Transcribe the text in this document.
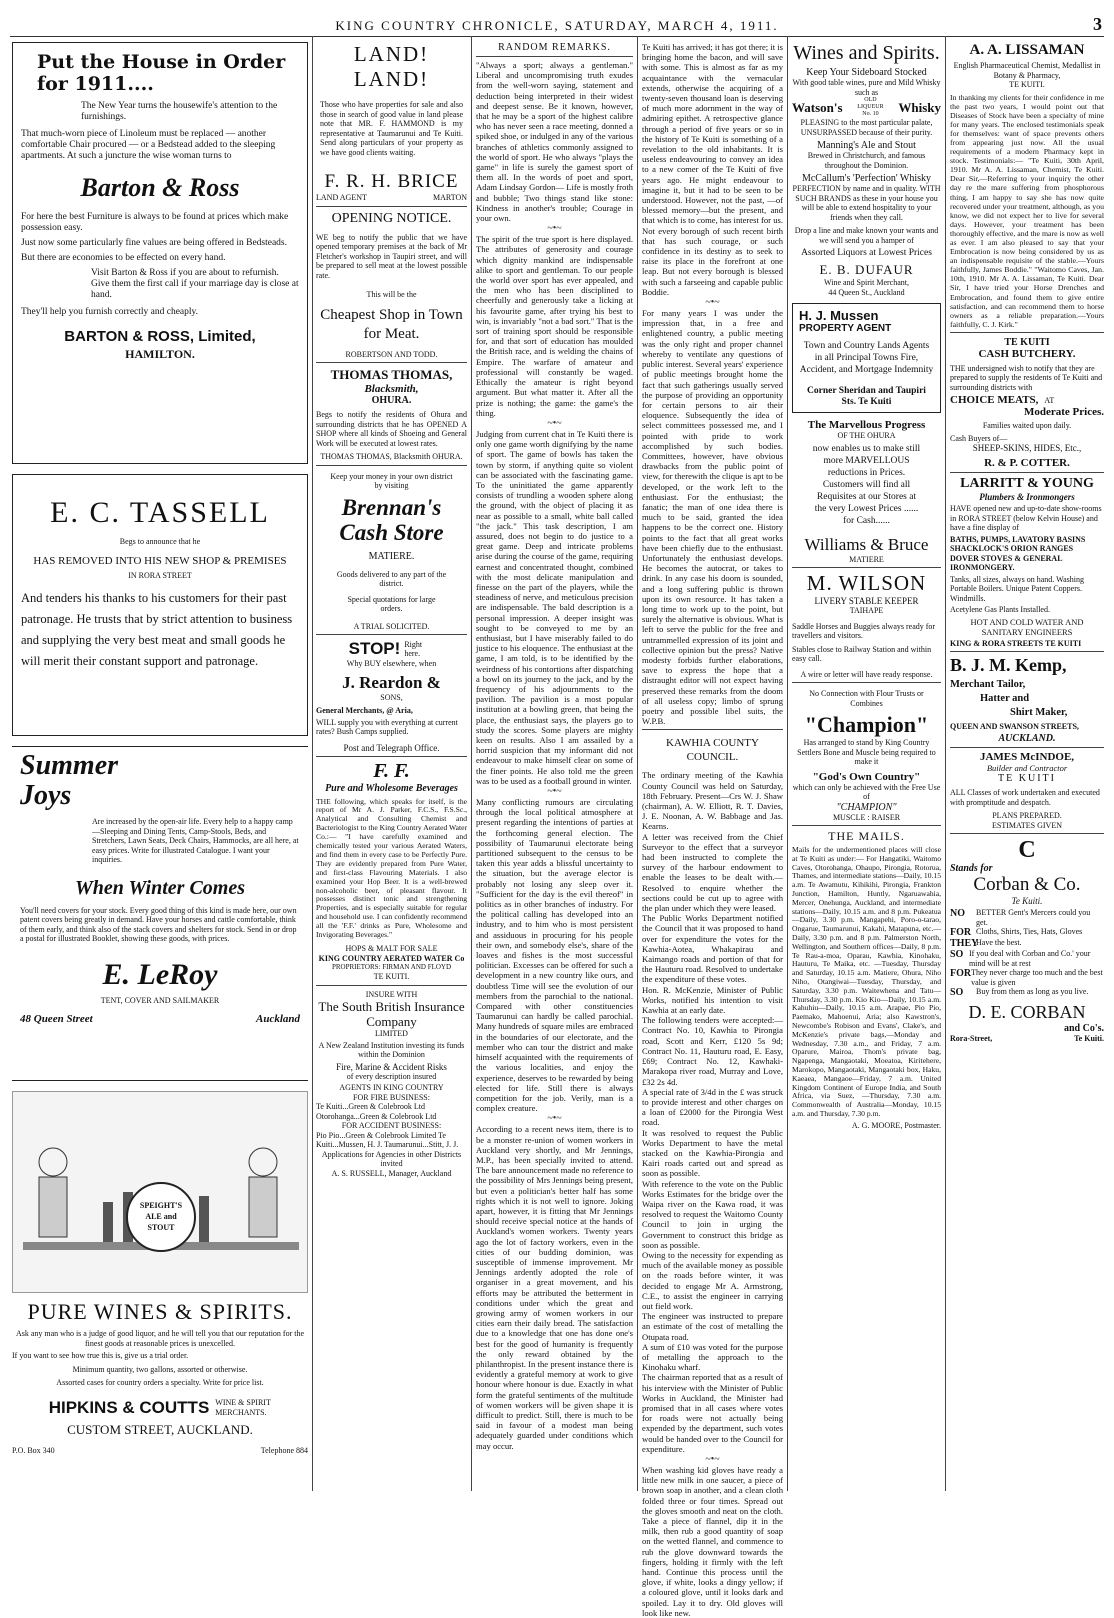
KING COUNTRY CHRONICLE, SATURDAY, MARCH 4, 1911.	3
Put the House in Order for 1911....
The New Year turns the housewife's attention to the furnishings.
That much-worn piece of Linoleum must be replaced — another comfortable Chair procured — or a Bedstead added to the sleeping apartments. At such a juncture the wise woman turns to
Barton & Ross
For here the best Furniture is always to be found at prices which make possession easy.
Just now some particularly fine values are being offered in Bedsteads.
But there are economies to be effected on every hand.
Visit Barton & Ross if you are about to refurnish. Give them the first call if your marriage day is close at hand.
They'll help you furnish correctly and cheaply.
BARTON & ROSS, Limited,
HAMILTON.
E. C. TASSELL
Begs to announce that he
HAS REMOVED INTO HIS NEW SHOP & PREMISES
IN RORA STREET
And tenders his thanks to his customers for their past patronage. He trusts that by strict attention to business and supplying the very best meat and small goods he will merit their constant support and patronage.
Summer Joys
Are increased by the open-air life. Every help to a happy camp—Sleeping and Dining Tents, Camp-Stools, Beds, and Stretchers, Lawn Seats, Deck Chairs, Hammocks, are all here, at easy prices. Write for illustrated Catalogue. I want your inquiries.
When Winter Comes
You'll need covers for your stock. Every good thing of this kind is made here, our own patent covers being greatly in demand. Have your horses and cattle comfortable, think of them early, and think also of the stack covers and shelters for stock. Send in or drop a postal for illustrated Booklet, showing these goods, with prices.
E. LeRoy
TENT, COVER AND SAILMAKER
48 Queen Street	Auckland
SPEIGHT'S
ALE and
STOUT
PURE WINES & SPIRITS.
Ask any man who is a judge of good liquor, and he will tell you that our reputation for the finest goods at reasonable prices is unexcelled.
If you want to see how true this is, give us a trial order.
Minimum quantity, two gallons, assorted or otherwise.
Assorted cases for country orders a specialty. Write for price list.
HIPKINS & COUTTS WINE & SPIRIT MERCHANTS.
CUSTOM STREET, AUCKLAND.
P.O. Box 340	Telephone 884
LAND! LAND!
Those who have properties for sale and also those in search of good value in land please note that MR. F. HAMMOND is my representative at Taumarunui and Te Kuiti. Send along particulars of your property as we have good clients waiting.
F. R. H. BRICE
LAND AGENT	MARTON
OPENING NOTICE.
WE beg to notify the public that we have opened temporary premises at the back of Mr Fletcher's workshop in Taupiri street, and will be prepared to sell meat at the lowest possible rate.
This will be the
Cheapest Shop in Town for Meat.
ROBERTSON AND TODD.
THOMAS THOMAS,
Blacksmith,
OHURA.
Begs to notify the residents of Ohura and surrounding districts that he has OPENED A SHOP where all kinds of Shoeing and General Work will be executed at lowest rates.
THOMAS THOMAS, Blacksmith OHURA.
Keep your money in your own district by visiting
Brennan's
Cash Store
MATIERE.
Goods delivered to any part of the district.
Special quotations for large orders.
A TRIAL SOLICITED.
STOP! Right here.
Why BUY elsewhere, when
J. Reardon &
SONS,
General Merchants, @ Aria,
WILL supply you with everything at current rates? Bush Camps supplied.
Post and Telegraph Office.
F. F.
Pure and Wholesome Beverages
THE following, which speaks for itself, is the report of Mr A. J. Parker, F.C.S., F.S.Sc., Analytical and Consulting Chemist and Bacteriologist to the King Country Aerated Water Co.:— "I have carefully examined and chemically tested your various Aerated Waters, and find them in every case to be Perfectly Pure. They are evidently prepared from Pure Water, and first-class Flavouring Materials. I also examined your Hop Beer. It is a well-brewed non-alcoholic beer, of pleasant flavour. It possesses distinct tonic and strengthening Properties, and is especially suitable for regular and household use. I can confidently recommend all the 'F.F.' drinks as Pure, Wholesome and Invigorating Beverages."
HOPS & MALT FOR SALE
KING COUNTRY AERATED WATER Co
PROPRIETORS: FIRMAN AND FLOYD
TE KUITI.
INSURE WITH
The South British Insurance Company
LIMITED
A New Zealand Institution investing its funds within the Dominion
Fire, Marine & Accident Risks
of every description insured
AGENTS IN KING COUNTRY
FOR FIRE BUSINESS:
Te Kuiti...Green & Colebrook Ltd Otorohanga...Green & Colebrook Ltd
FOR ACCIDENT BUSINESS:
Pio Pio...Green & Colebrook Limited Te Kuiti...Mussen, H. J. Taumarunui...Stitt, J. J.
Applications for Agencies in other Districts invited
A. S. RUSSELL, Manager, Auckland
RANDOM REMARKS.
"Always a sport; always a gentleman." Liberal and uncompromising truth exudes from the well-worn saying, statement and deduction being interpreted in their widest and deepest sense. Be it known, however, that he may be a sport of the highest calibre who has never seen a race meeting, donned a spiked shoe, or indulged in any of the various branches of athletics commonly assigned to the world of sport. He who always "plays the game" in life is surely the gamest sport of them all. In the words of poet and sport, Adam Lindsay Gordon— Life is mostly froth and bubble; Two things stand like stone: Kindness in another's trouble; Courage in your own.
~•~
The spirit of the true sport is here displayed. The attributes of generosity and courage which dignity mankind are indispensable alike to sport and gentleman. To our people the world over sport has ever appealed, and the men who has been disciplined to cheerfully and generously take a licking at his favourite game, after trying his best to win, is invariably "not a bad sort." That is the sort of training sport should be responsible for, and that sort of education has moulded the British race, and is welding the chains of Empire. The warfare of amateur and professional will constantly be waged. Ethically the amateur is right beyond argument. But what matter it. After all the prize is nothing; the game: the game's the thing.
~•~
Judging from current chat in Te Kuiti there is only one game worth dignifying by the name of sport. The game of bowls has taken the town by storm, if anything quite so violent can be associated with the fascinating game. To the uninitiated the game apparently consists of trundling a wooden sphere along the ground, with the object of placing it as near as possible to a small, white ball called "the jack." This task description, I am assured, does not begin to do justice to a great game. Deep and intricate problems arise during the course of the game, requiring earnest and concentrated thought, combined with the most delicate manipulation and finesse on the part of the players, while the steadiness of nerve, and meticulous precision are indispensable. The bald description is a personal impression. A deeper insight was sought to be conveyed to me by an enthusiast, but I have miserably failed to do justice to his eloquence. The enthusiast at the game, I am told, is to be identified by the weirdness of his contortions after dispatching a bowl on its journey to the jack, and by the frequency of his adjournments to the pavilion. The pavilion is a most popular institution at a bowling green, that being the place, the enthusiast says, the players go to study the scores. Some players are mighty keen on results. Also I am assailed by a horrid suspicion that my informant did not endeavour to make himself clear on some of the finer points. He also told me the green was to be used as a football ground in winter.
~•~
Many conflicting rumours are circulating through the local political atmosphere at present regarding the intentions of parties at the forthcoming general election. The possibility of Taumarunui electorate being partitioned subsequent to the census to be taken this year adds a blissful uncertainty to the situation, but the average elector is probably not losing any sleep over it. "Sufficient for the day is the evil thereof" in politics as in other branches of industry. For the political calling has developed into an industry, and to him who is most persistent and assiduous in procuring for his people their own, and somebody else's, share of the loaves and fishes is the most successful politician. Excesses can be offered for such a development in a new country like ours, and doubtless Time will see the evolution of our members from the parochial to the national. Compared with other constituencies Taumarunui can hardly be called parochial. Many hundreds of square miles are embraced in the boundaries of our electorate, and the member who can tour the district and make himself acquainted with the requirements of the various localities, and enjoy the experience, deserves to be rewarded by being elected for life. Still there is always competition for the job. Verily, man is a complex creature.
~•~
According to a recent news item, there is to be a monster re-union of women workers in Auckland very shortly, and Mr Jennings, M.P., has been specially invited to attend. The bare announcement made no reference to the possibility of Mrs Jennings being present, but even a politician's better half has some rights which it is not well to ignore. Joking apart, however, it is fitting that Mr Jennings should receive special notice at the hands of Auckland's women workers. Twenty years ago the lot of factory workers, even in the cities of our budding dominion, was susceptible of immense improvement. Mr Jennings ardently adopted the role of organiser in a great movement, and his efforts may be attributed the betterment in conditions under which the great and growing army of women workers in our cities earn their daily bread. The satisfaction due to a knowledge that one has done one's best for the good of humanity is frequently the only reward obtained by the philanthropist. In the present instance there is evidently a grateful memory at work to give honour where honour is due. Exactly in what form the grateful sentiments of the multitude of women workers will be given shape it is difficult to predict. Still, there is much to be said in favour of a modest man being adequately guarded under conditions which may occur.
Te Kuiti has arrived; it has got there; it is bringing home the bacon, and will save with some. This is almost as far as my acquaintance with the vernacular extends, otherwise the acquiring of a twenty-seven thousand loan is deserving of much more adornment in the way of admiring epithet. A retrospective glance through a period of five years or so in the history of Te Kuiti is something of a revelation to the old inhabitants. It is useless endeavouring to convey an idea to a new comer of the Te Kuiti of five years ago. He might endeavour to imagine it, but it had to be seen to be understood. However, not the past, —of blessed memory—but the present, and that which is to come, has interest for us. Not every borough of such recent birth that has such courage, or such confidence in its destiny as to seek to raise its place in the forefront at one leap. But not every borough is blessed with such a farseeing and capable public Boddie.
~•~
For many years I was under the impression that, in a free and enlightened country, a public meeting was the only right and proper channel whereby to ventilate any questions of public interest. Several years' experience of public meetings brought home the fact that such gatherings usually served the purpose of providing an opportunity for certain persons to air their eloquence. Subsequently the idea of select committees possessed me, and I pointed with pride to work accomplished by such bodies. Committees, however, have obvious drawbacks from the public point of view, for therewith the clique is apt to be developed, or the work left to the enthusiast. For the enthusiast; the fanatic; the man of one idea there is much to be said, granted the idea happens to be the correct one. History points to the fact that all great works have been chiefly due to the enthusiast. Unfortunately the enthusiast develops. He becomes the autocrat, or takes to drink. In any case his doom is sounded, and a long suffering public is thrown upon its own resource. It has taken a long time to work up to the point, but surely the alternative is obvious. What is left to serve the public for the free and untrammelled expression of its joint and collective opinion but the press? Native modesty forbids further elaborations, save to express the hope that a distraught editor will not expect having preserved these remarks from the doom of all useless copy; limbo of sprung poetry and possible libel suits, the W.P.B.
KAWHIA COUNTY COUNCIL.
The ordinary meeting of the Kawhia County Council was held on Saturday, 18th February. Present—Crs W. J. Shaw (chairman), A. W. Elliott, R. T. Davies, J. E. Noonan, A. W. Babbage and Jas. Kearns.
A letter was received from the Chief Surveyor to the effect that a surveyor had been instructed to complete the survey of the harbour endowment to enable the leases to be dealt with.—Resolved to enquire whether the sections could be cut up to agree with the plan under which they were leased.
The Public Works Department notified the Council that it was proposed to hand over for expenditure the votes for the Kawhia-Aotea, Whakapirau and Kaimango roads and portion of that for the Hauturu road. Resolved to undertake the expenditure of these votes.
Hon. R. McKenzie, Minister of Public Works, notified his intention to visit Kawhia at an early date.
The following tenders were accepted:—Contract No. 10, Kawhia to Pirongia road, Scott and Kerr, £120 5s 9d; Contract No. 11, Hauturu road, E. Easy, £69; Contract No. 12, Kawhaki-Marakopa river road, Murray and Love, £32 2s 4d.
A special rate of 3/4d in the £ was struck to provide interest and other charges on a loan of £2000 for the Pirongia West road.
It was resolved to request the Public Works Department to have the metal stacked on the Kawhia-Pirongia and Kairi roads carted out and spread as soon as possible.
With reference to the vote on the Public Works Estimates for the bridge over the Waipa river on the Kawa road, it was resolved to request the Waitomo County Council to join in urging the Government to construct this bridge as soon as possible.
Owing to the necessity for expending as much of the available money as possible on the roads before winter, it was decided to engage Mr A. Armstrong, C.E., to assist the engineer in carrying out field work.
The engineer was instructed to prepare an estimate of the cost of metalling the Otupata road.
A sum of £10 was voted for the purpose of metalling the approach to the Kinohaku wharf.
The chairman reported that as a result of his interview with the Minister of Public Works in Auckland, the Minister had promised that in all cases where votes for roads were not actually being expended by the department, such votes would be handed over to the Council for expenditure.
~•~
When washing kid gloves have ready a little new milk in one saucer, a piece of brown soap in another, and a clean cloth folded three or four times. Spread out the gloves smooth and neat on the cloth. Take a piece of flannel, dip it in the milk, then rub a good quantity of soap on the wetted flannel, and commence to rub the glove downward towards the fingers, holding it firmly with the left hand. Continue this process until the glove, if white, looks a dingy yellow; if a coloured glove, until it looks dark and spoiled. Lay it to dry. Old gloves will look like new.
Wines and Spirits.
Keep Your Sideboard Stocked
With good table wines, pure and Mild Whisky such as
Watson's	OLD LIQUEUR No. 10	Whisky
PLEASING to the most particular palate, UNSURPASSED because of their purity.
Manning's Ale and Stout
Brewed in Christchurch, and famous throughout the Dominion.
McCallum's 'Perfection' Whisky
PERFECTION by name and in quality. WITH SUCH BRANDS as these in your house you will be able to extend hospitality to your friends when they call.
Drop a line and make known your wants and we will send you a hamper of
Assorted Liquors at Lowest Prices
E. B. DUFAUR
Wine and Spirit Merchant,
44 Queen St., Auckland
H. J. Mussen
PROPERTY AGENT
Town and Country Lands Agents in all Principal Towns Fire, Accident, and Mortgage Indemnity
Corner Sheridan and Taupiri Sts. Te Kuiti
The Marvellous Progress
OF THE OHURA
now enables us to make still more MARVELLOUS reductions in Prices. Customers will find all Requisites at our Stores at the very Lowest Prices ...... for Cash......
Williams & Bruce
MATIERE
M. WILSON
LIVERY STABLE KEEPER
TAIHAPE
Saddle Horses and Buggies always ready for travellers and visitors.
Stables close to Railway Station and within easy call.
A wire or letter will have ready response.
No Connection with Flour Trusts or Combines
"Champion"
Has arranged to stand by King Country Settlers Bone and Muscle being required to make it
"God's Own Country"
which can only be achieved with the Free Use of
"CHAMPION"
MUSCLE : RAISER
THE MAILS.
Mails for the undermentioned places will close at Te Kuiti as under:— For Hangatiki, Waitomo Caves, Otorohanga, Ohaupo, Pirongia, Rotorua, Thames, and intermediate stations—Daily, 10.15 a.m. Te Awamutu, Kihikihi, Pirongia, Frankton Junction, Hamilton, Huntly, Ngaruawahia, Mercer, Onehunga, Auckland, and intermediate stations—Daily, 10.15 a.m. and 8 p.m. Pukeatua—Daily, 3.30 p.m. Mangapehi, Poro-o-tarao, Ongarue, Taumarunui, Kakahi, Matapuna, etc.—Daily, 3.30 p.m. and 8 p.m. Palmerston North, Wellington, and Southern offices—Daily, 8 p.m. Te Rau-a-moa, Oparau, Kawhia, Kinohaku, Hauturu, Te Maika, etc. —Tuesday, Thursday and Saturday, 10.15 a.m. Matiere, Ohura, Niho Niho, Otangiwai—Tuesday, Thursday, and Saturday, 3.30 p.m. Waitewhena and Tatu—Thursday, 3.30 p.m. Kio Kio—Daily, 10.15 a.m. Kahuhiu—Daily, 10.15 a.m. Arapae, Pio Pio, Paemako, Mahoenui, Aria; also Kawstron's, Newcombe's Robison and Evans', Clake's, and McKenzie's private bags,—Monday and Wednesday, 7.30 a.m., and Friday, 7 a.m. Oparure, Mairoa, Thom's private bag, Ngapenga, Mangaotaki, Moeatoa, Kiritehere, Marokopo, Mangaotaki, Mangaotaki box, Haku, Kaeaea, Mangaoe—Friday, 7 a.m. United Kingdom Continent of Europe India, and South Africa, via Suez, —Thursday, 7.30 a.m. Commonwealth of Australia—Monday, 10.15 a.m. and Thursday, 7.30 p.m.
A. G. MOORE, Postmaster.
A. A. LISSAMAN
English Pharmaceutical Chemist, Medallist in Botany & Pharmacy,
TE KUITI.
In thanking my clients for their confidence in me the past two years, I would point out that Diseases of Stock have been a specialty of mine for many years. The enclosed testimonials speak for themselves: want of space prevents others from appearing just now. All the usual requirements of a modern Pharmacy kept in stock. Testimonials:— "Te Kuiti, 30th April, 1910. Mr A. A. Lissaman, Chemist, Te Kuiti. Dear Sir,—Referring to your inquiry the other day re the mare suffering from phosphorous thing, I am happy to say she has now quite recovered under your treatment, although, as you know, we did not expect her to live for several days. However, your treatment has been thoroughly effective, and the mare is now as well as ever. I am also pleased to say that your Embrocation is now being considered by us as an indispensable requisite of the stable.—Yours faithfully, James Boddie." "Waitomo Caves, Jan. 10th, 1910. Mr A. A. Lissaman, Te Kuiti. Dear Sir, I have tried your Horse Drenches and Embrocation, and found them to give entire satisfaction, and can recommend them to horse owners as a reliable preparation.—Yours faithfully, C. J. Kirk."
TE KUITI
CASH BUTCHERY.
THE undersigned wish to notify that they are prepared to supply the residents of Te Kuiti and surrounding districts with
CHOICE MEATS, AT
Moderate Prices.
Families waited upon daily.
Cash Buyers of—
SHEEP-SKINS, HIDES, Etc.,
R. & P. COTTER.
LARRITT & YOUNG
Plumbers & Ironmongers
HAVE opened new and up-to-date show-rooms in RORA STREET (below Kelvin House) and have a fine display of
BATHS, PUMPS, LAVATORY BASINS SHACKLOCK'S ORION RANGES DOVER STOVES & GENERAL IRONMONGERY.
Tanks, all sizes, always on hand. Washing Portable Boilers. Unique Patent Coppers. Windmills.
Acetylene Gas Plants Installed.
HOT AND COLD WATER AND SANITARY ENGINEERS
KING & RORA STREETS TE KUITI
B. J. M. Kemp,
Merchant Tailor,
Hatter and
Shirt Maker,
QUEEN AND SWANSON STREETS,
AUCKLAND.
JAMES McINDOE,
Builder and Contractor
TE KUITI
ALL Classes of work undertaken and executed with promptitude and despatch.
PLANS PREPARED.
ESTIMATES GIVEN
C
Stands for
Corban & Co.
Te Kuiti.
NO	BETTER Gent's Mercers could you get.
FOR Cloths, Shirts, Ties, Hats, Gloves
THEY
Have the best.
SO If you deal with Corban and Co.' your mind will be at rest
FOR They never charge too much and the best value is given
SO	Buy from them as long as you live.
D. E. CORBAN
and Co's.
Rora-Street,	Te Kuiti.
